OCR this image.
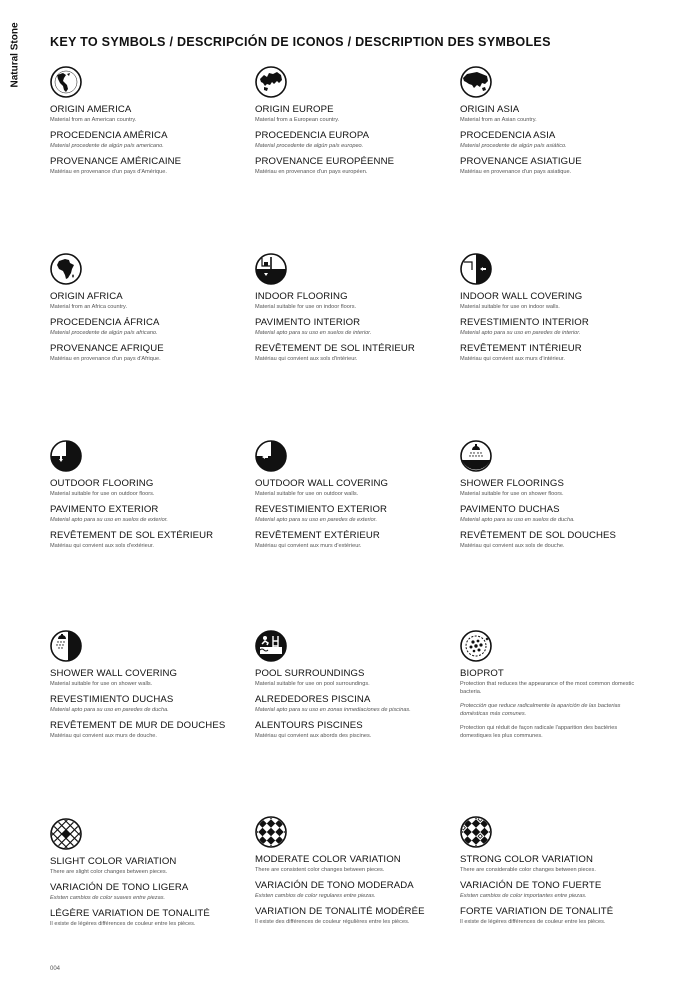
Natural Stone KEY TO SYMBOLS / DESCRIPCIÓN DE ICONOS / DESCRIPTION DES SYMBOLES

ORIGIN AMERICA

Material from an American country.

PROCEDENCIA AMÉRICA

Material procedente de algún país americano.

PROVENANCE AMÉRICAINE

Matériau en provenance d'un pays d'Amérique.

ORIGIN EUROPE

Material from a European country.

PROCEDENCIA EUROPA

Material procedente de algún país europeo.

PROVENANCE EUROPÉENNE

Matériau en provenance d'un pays européen.

ORIGIN ASIA

Material from an Asian country.

PROCEDENCIA ASIA

Material procedente de algún país asiático.

PROVENANCE ASIATIGUE

Matériau en provenance d'un pays asiatique.

ORIGIN AFRICA

Material from an Africa country.

PROCEDENCIA ÁFRICA

Material procedente de algún país africano.

PROVENANCE AFRIQUE

Matériau en provenance d'un pays d'Afrique.

INDOOR FLOORING

Material suitable for use on indoor floors.

PAVIMENTO INTERIOR

Material apto para su uso en suelos de interior.

REVÊTEMENT DE SOL INTÉRIEUR

Matériau qui convient aux sols d'intérieur.

INDOOR WALL COVERING

Material suitable for use on indoor walls.

REVESTIMIENTO INTERIOR

Material apto para su uso en paredes de interior.

REVÊTEMENT INTÉRIEUR

Matériau qui convient aux murs d'intérieur.

OUTDOOR FLOORING

Material suitable for use on outdoor floors.

PAVIMENTO EXTERIOR

Material apto para su uso en suelos de exterior.

REVÊTEMENT DE SOL EXTÉRIEUR

Matériau qui convient aux sols d'extérieur.

OUTDOOR WALL COVERING

Material suitable for use on outdoor walls.

REVESTIMIENTO EXTERIOR

Material apto para su uso en paredes de exterior.

REVÊTEMENT EXTÉRIEUR

Matériau qui convient aux murs d'extérieur.

SHOWER FLOORINGS

Material suitable for use on shower floors.

PAVIMENTO DUCHAS

Material apto para su uso en suelos de ducha.

REVÊTEMENT DE SOL DOUCHES

Matériau qui convient aux sols de douche.

SHOWER WALL COVERING

Material suitable for use on shower walls.

REVESTIMIENTO DUCHAS

Material apto para su uso en paredes de ducha.

REVÊTEMENT DE MUR DE DOUCHES

Matériau qui convient aux murs de douche.

POOL SURROUNDINGS

Material suitable for use on pool surroundings.

ALREDEDORES PISCINA

Material apto para su uso en zonas inmediaciones de piscinas.

ALENTOURS PISCINES

Matériau qui convient aux abords des piscines.

BIOPROT

Protection that reduces the appearance of the most common domestic bacteria.

Protección que reduce radicalmente la aparición de las bacterias domésticas más comunes.

Protection qui réduit de façon radicale l'apparition des bactéries domestiques les plus communes.

SLIGHT COLOR VARIATION

There are slight color changes between pieces.

VARIACIÓN DE TONO LIGERA

Existen cambios de color suaves entre piezas.

LÉGÈRE VARIATION DE TONALITÉ

Il existe de légères différences de couleur entre les pièces.

MODERATE COLOR VARIATION

There are consistent color changes between pieces.

VARIACIÓN DE TONO MODERADA

Existen cambios de color regulares entre piezas.

VARIATION DE TONALITÉ MODÉRÉE

Il existe des différences de couleur régulières entre les pièces.

STRONG COLOR VARIATION

There are considerable color changes between pieces.

VARIACIÓN DE TONO FUERTE

Existen cambios de color importantes entre piezas.

FORTE VARIATION DE TONALITÉ

Il existe de légères différences de couleur entre les pièces.

004
